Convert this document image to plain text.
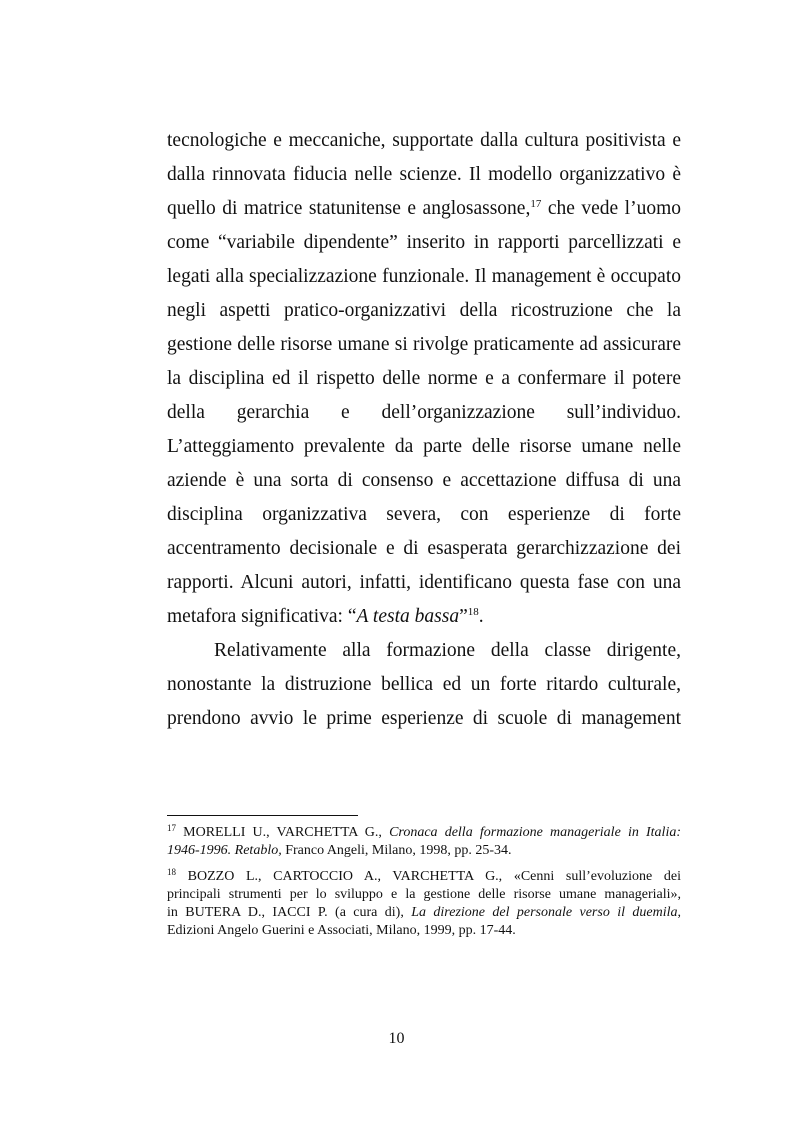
tecnologiche e meccaniche, supportate dalla cultura positivista e
dalla rinnovata fiducia nelle scienze. Il modello organizzativo è
quello di matrice statunitense e anglosassone,$^{17}$ che vede l’uomo
come “variabile dipendente” inserito in rapporti parcellizzati e
legati alla specializzazione funzionale. Il management è occupato
negli aspetti pratico-organizzativi della ricostruzione che la
gestione delle risorse umane si rivolge praticamente ad assicurare
la disciplina ed il rispetto delle norme e a confermare il potere
della gerarchia e dell’organizzazione sull’individuo.
L’atteggiamento prevalente da parte delle risorse umane nelle
aziende è una sorta di consenso e accettazione diffusa di una
disciplina organizzativa severa, con esperienze di forte
accentramento decisionale e di esasperata gerarchizzazione dei
rapporti. Alcuni autori, infatti, identificano questa fase con una
metafora significativa: “A testa bassa”$^{18}$.
Relativamente alla formazione della classe dirigente,
nonostante la distruzione bellica ed un forte ritardo culturale,
prendono avvio le prime esperienze di scuole di management
$^{17}$ MORELLI U., VARCHETTA G., Cronaca della formazione manageriale in Italia:
1946-1996. Retablo, Franco Angeli, Milano, 1998, pp. 25-34.
$^{18}$ BOZZO L., CARTOCCIO A., VARCHETTA G., «Cenni sull’evoluzione dei
principali strumenti per lo sviluppo e la gestione delle risorse umane manageriali»,
in BUTERA D., IACCI P. (a cura di), La direzione del personale verso il duemila,
Edizioni Angelo Guerini e Associati, Milano, 1999, pp. 17-44.
10
